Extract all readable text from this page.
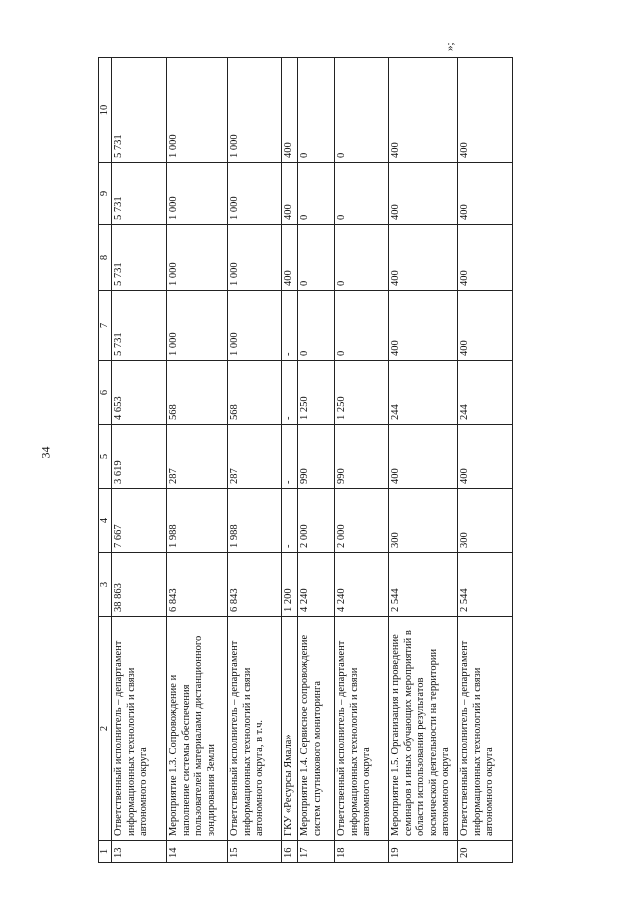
34
1	2	3	4	5	6	7	8	9	10
13	Ответственный исполнитель – департамент информационных технологий и связи автономного округа	38 863	7 667	3 619	4 653	5 731	5 731	5 731	5 731
14	Мероприятие 1.3. Сопровождение и наполнение системы обеспечения пользователей материалами дистанционного зондирования Земли	6 843	1 988	287	568	1 000	1 000	1 000	1 000
15	Ответственный исполнитель – департамент информационных технологий и связи автономного округа, в т.ч.	6 843	1 988	287	568	1 000	1 000	1 000	1 000
16	ГКУ «Ресурсы Ямала»	1 200	-	-	-	-	400	400	400
17	Мероприятие 1.4. Сервисное сопровождение систем спутникового мониторинга	4 240	2 000	990	1 250	0	0	0	0
18	Ответственный исполнитель – департамент информационных технологий и связи автономного округа	4 240	2 000	990	1 250	0	0	0	0
19	Мероприятие 1.5. Организация и проведение семинаров и иных обучающих мероприятий в области использования результатов космической деятельности на территории автономного округа	2 544	300	400	244	400	400	400	400
20	Ответственный исполнитель – департамент информационных технологий и связи автономного округа	2 544	300	400	244	400	400	400	400
»;
